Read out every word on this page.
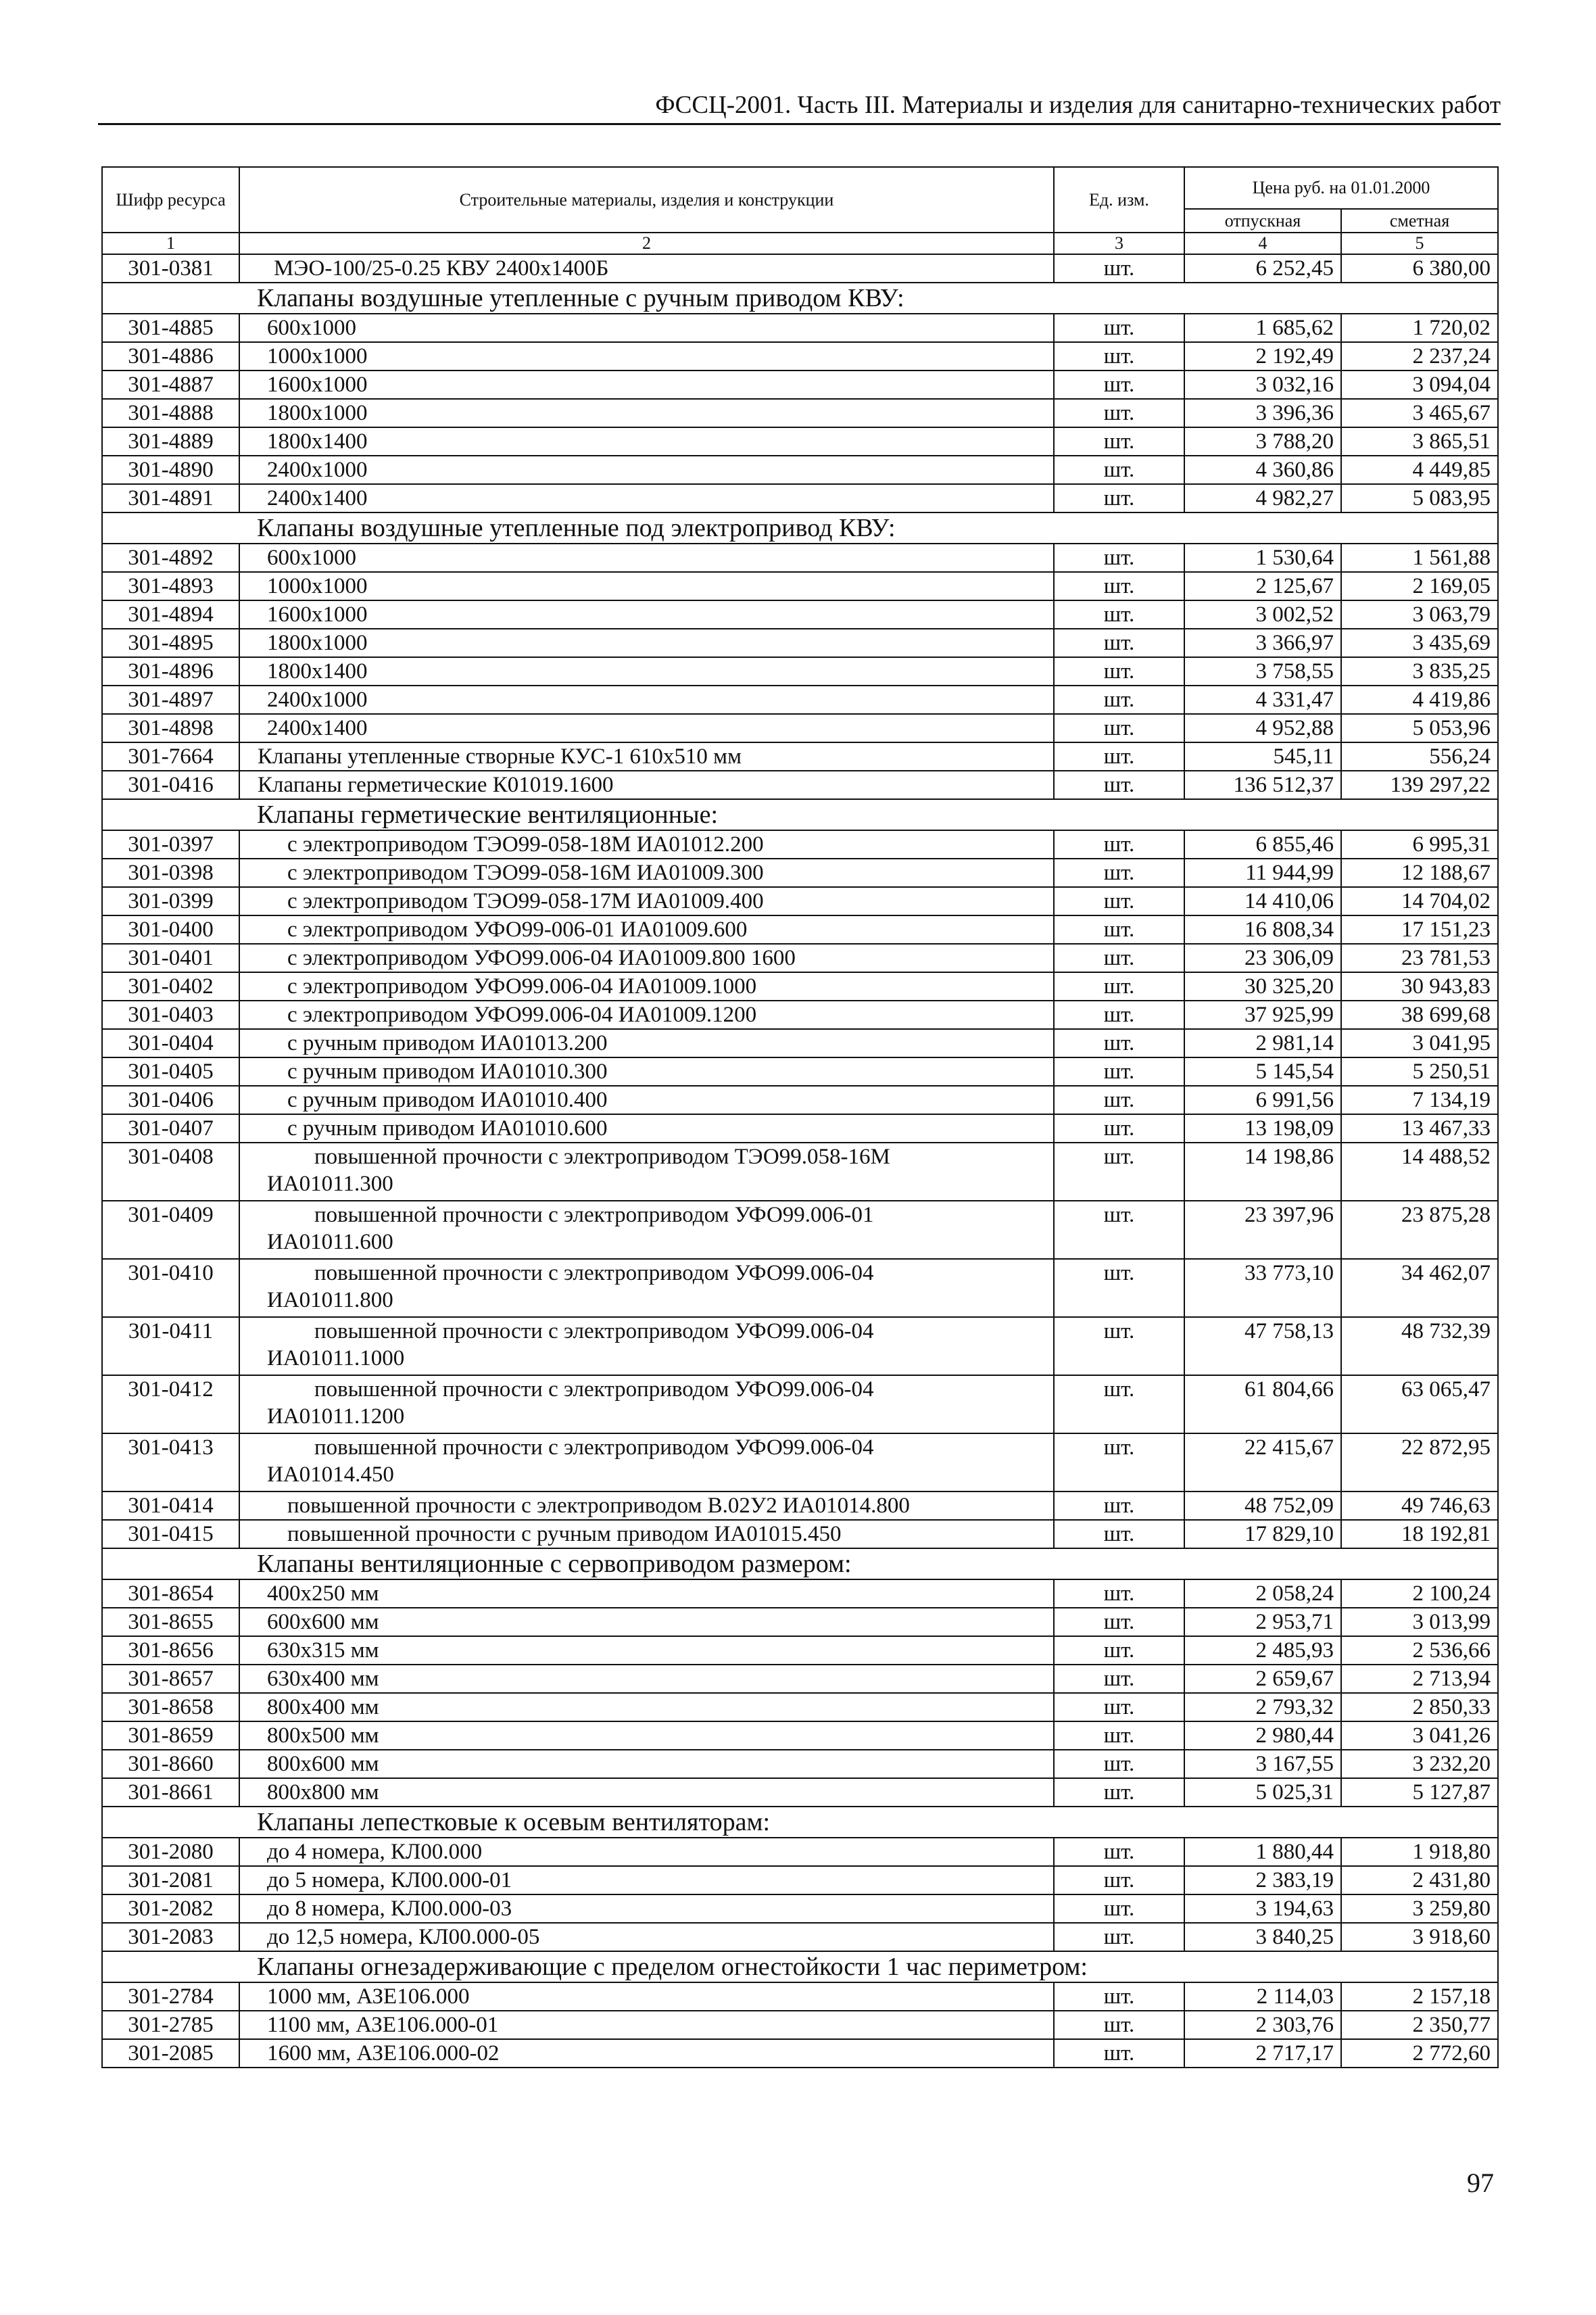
ФССЦ-2001. Часть III. Материалы и изделия для санитарно-технических работ
Шифр ресурса	Строительные материалы, изделия и конструкции	Ед. изм.	Цена руб. на 01.01.2000	
			отпускная	сметная
1	2	3	4	5
301-0381	МЭО-100/25-0.25 КВУ 2400х1400Б	шт.	6 252,45	6 380,00
Клапаны воздушные утепленные с ручным приводом КВУ:				
301-4885	600х1000	шт.	1 685,62	1 720,02
301-4886	1000х1000	шт.	2 192,49	2 237,24
301-4887	1600х1000	шт.	3 032,16	3 094,04
301-4888	1800х1000	шт.	3 396,36	3 465,67
301-4889	1800х1400	шт.	3 788,20	3 865,51
301-4890	2400х1000	шт.	4 360,86	4 449,85
301-4891	2400х1400	шт.	4 982,27	5 083,95
Клапаны воздушные утепленные под электропривод КВУ:				
301-4892	600х1000	шт.	1 530,64	1 561,88
301-4893	1000х1000	шт.	2 125,67	2 169,05
301-4894	1600х1000	шт.	3 002,52	3 063,79
301-4895	1800х1000	шт.	3 366,97	3 435,69
301-4896	1800х1400	шт.	3 758,55	3 835,25
301-4897	2400х1000	шт.	4 331,47	4 419,86
301-4898	2400х1400	шт.	4 952,88	5 053,96
301-7664	Клапаны утепленные створные КУС-1 610х510 мм	шт.	545,11	556,24
301-0416	Клапаны герметические К01019.1600	шт.	136 512,37	139 297,22
Клапаны герметические вентиляционные:				
301-0397	с электроприводом ТЭО99-058-18М ИА01012.200	шт.	6 855,46	6 995,31
301-0398	с электроприводом ТЭО99-058-16М ИА01009.300	шт.	11 944,99	12 188,67
301-0399	с электроприводом ТЭО99-058-17М ИА01009.400	шт.	14 410,06	14 704,02
301-0400	с электроприводом УФО99-006-01 ИА01009.600	шт.	16 808,34	17 151,23
301-0401	с электроприводом УФО99.006-04 ИА01009.800 1600	шт.	23 306,09	23 781,53
301-0402	с электроприводом УФО99.006-04 ИА01009.1000	шт.	30 325,20	30 943,83
301-0403	с электроприводом УФО99.006-04 ИА01009.1200	шт.	37 925,99	38 699,68
301-0404	с ручным приводом ИА01013.200	шт.	2 981,14	3 041,95
301-0405	с ручным приводом ИА01010.300	шт.	5 145,54	5 250,51
301-0406	с ручным приводом ИА01010.400	шт.	6 991,56	7 134,19
301-0407	с ручным приводом ИА01010.600	шт.	13 198,09	13 467,33
301-0408	повышенной прочности с электроприводом ТЭО99.058-16М
ИА01011.300	шт.	14 198,86	14 488,52
301-0409	повышенной прочности с электроприводом УФО99.006-01
ИА01011.600	шт.	23 397,96	23 875,28
301-0410	повышенной прочности с электроприводом УФО99.006-04
ИА01011.800	шт.	33 773,10	34 462,07
301-0411	повышенной прочности с электроприводом УФО99.006-04
ИА01011.1000	шт.	47 758,13	48 732,39
301-0412	повышенной прочности с электроприводом УФО99.006-04
ИА01011.1200	шт.	61 804,66	63 065,47
301-0413	повышенной прочности с электроприводом УФО99.006-04
ИА01014.450	шт.	22 415,67	22 872,95
301-0414	повышенной прочности с электроприводом В.02У2 ИА01014.800	шт.	48 752,09	49 746,63
301-0415	повышенной прочности с ручным приводом ИА01015.450	шт.	17 829,10	18 192,81
Клапаны вентиляционные с сервоприводом размером:				
301-8654	400х250 мм	шт.	2 058,24	2 100,24
301-8655	600х600 мм	шт.	2 953,71	3 013,99
301-8656	630х315 мм	шт.	2 485,93	2 536,66
301-8657	630х400 мм	шт.	2 659,67	2 713,94
301-8658	800х400 мм	шт.	2 793,32	2 850,33
301-8659	800х500 мм	шт.	2 980,44	3 041,26
301-8660	800х600 мм	шт.	3 167,55	3 232,20
301-8661	800х800 мм	шт.	5 025,31	5 127,87
Клапаны лепестковые к осевым вентиляторам:				
301-2080	до 4 номера, КЛ00.000	шт.	1 880,44	1 918,80
301-2081	до 5 номера, КЛ00.000-01	шт.	2 383,19	2 431,80
301-2082	до 8 номера, КЛ00.000-03	шт.	3 194,63	3 259,80
301-2083	до 12,5 номера, КЛ00.000-05	шт.	3 840,25	3 918,60
Клапаны огнезадерживающие с пределом огнестойкости 1 час периметром:				
301-2784	1000 мм, АЗЕ106.000	шт.	2 114,03	2 157,18
301-2785	1100 мм, АЗЕ106.000-01	шт.	2 303,76	2 350,77
301-2085	1600 мм, АЗЕ106.000-02	шт.	2 717,17	2 772,60
97
